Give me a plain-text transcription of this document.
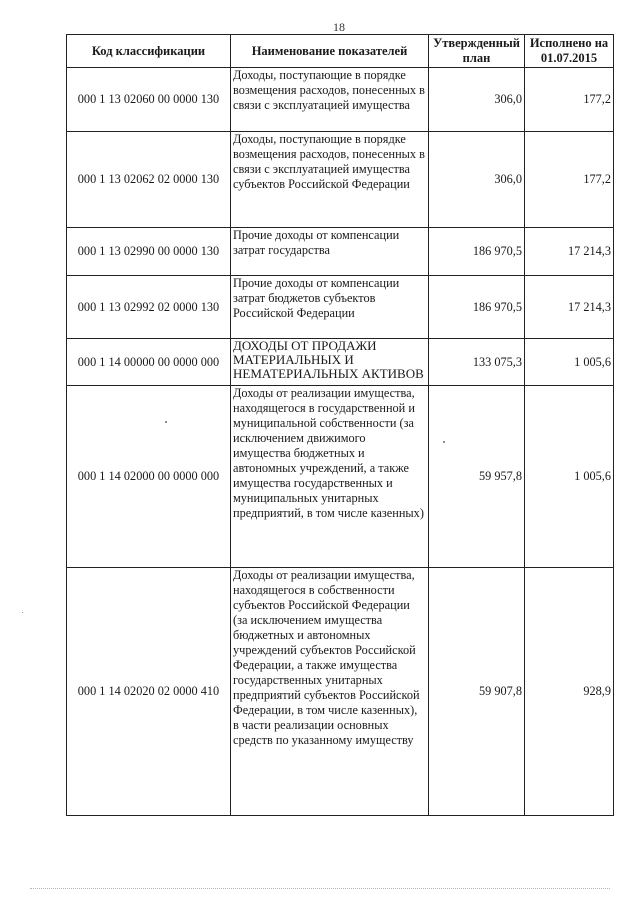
18
Код классификации	Наименование показателей	Утвержденный план	Исполнено на 01.07.2015
000 1 13 02060 00 0000 130	Доходы, поступающие в порядке возмещения расходов, понесенных в связи с эксплуатацией имущества	306,0	177,2
000 1 13 02062 02 0000 130	Доходы, поступающие в порядке возмещения расходов, понесенных в связи с эксплуатацией имущества субъектов Российской Федерации	306,0	177,2
000 1 13 02990 00 0000 130	Прочие доходы от компенсации затрат государства	186 970,5	17 214,3
000 1 13 02992 02 0000 130	Прочие доходы от компенсации затрат бюджетов субъектов Российской Федерации	186 970,5	17 214,3
000 1 14 00000 00 0000 000	ДОХОДЫ ОТ ПРОДАЖИ МАТЕРИАЛЬНЫХ И НЕМАТЕРИАЛЬНЫХ АКТИВОВ	133 075,3	1 005,6
000 1 14 02000 00 0000 000	Доходы от реализации имущества, находящегося в государственной и муниципальной собственности (за исключением движимого имущества бюджетных и автономных учреждений, а также имущества государственных и муниципальных унитарных предприятий, в том числе казенных)	59 957,8	1 005,6
000 1 14 02020 02 0000 410	Доходы от реализации имущества, находящегося в собственности субъектов Российской Федерации (за исключением имущества бюджетных и автономных учреждений субъектов Российской Федерации, а также имущества государственных унитарных предприятий субъектов Российской Федерации, в том числе казенных), в части реализации основных средств по указанному имуществу	59 907,8	928,9
